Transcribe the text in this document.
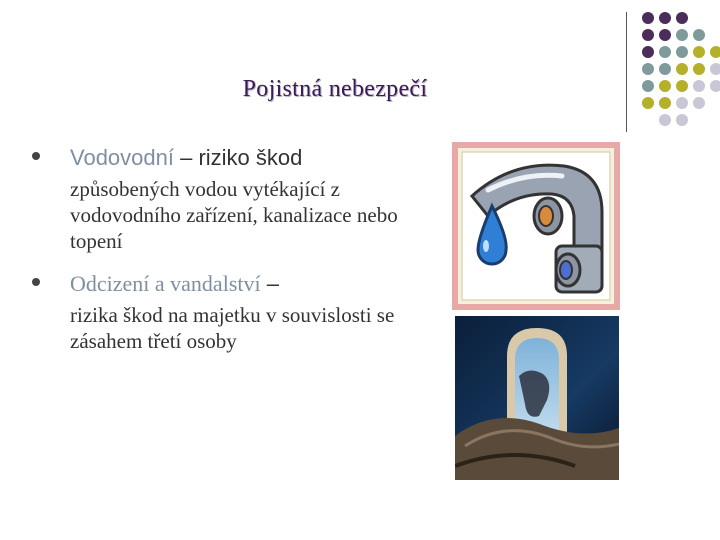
Pojistná nebezpečí
Vodovodní – riziko škod
způsobených vodou vytékající z vodovodního zařízení, kanalizace nebo topení
Odcizení a vandalství –
rizika škod na majetku v souvislosti se zásahem třetí osoby
